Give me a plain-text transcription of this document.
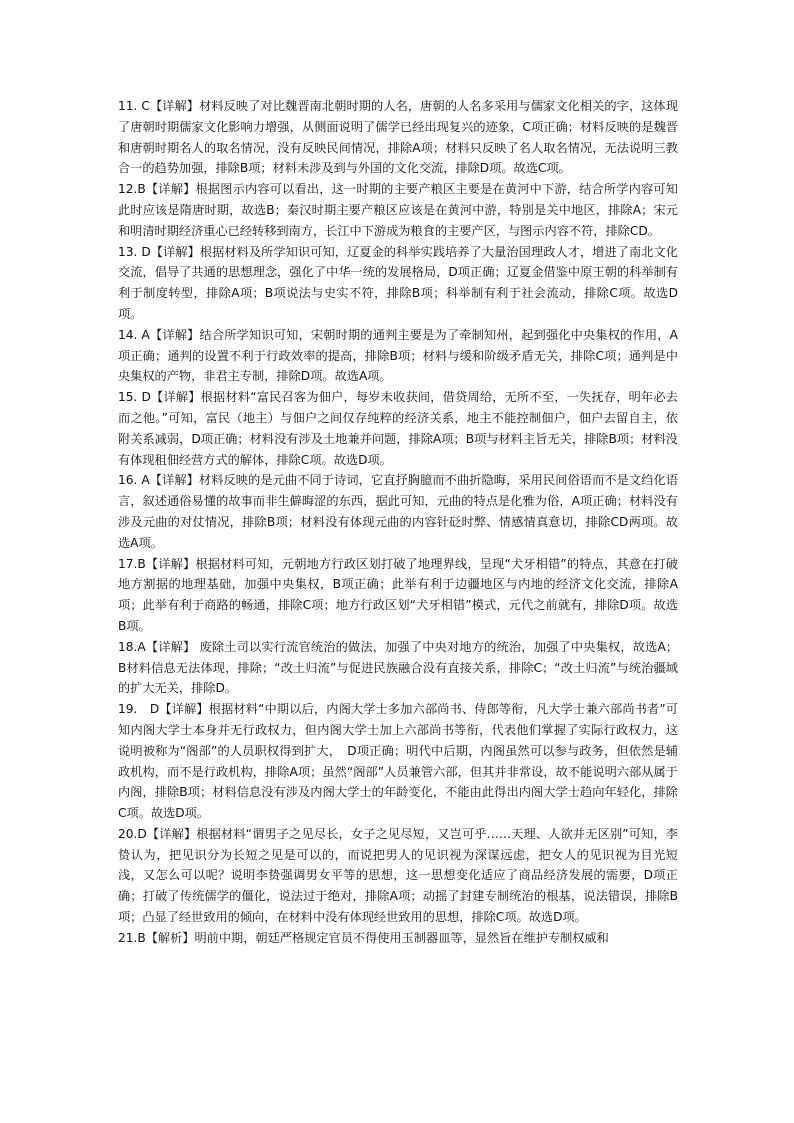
11. C【详解】材料反映了对比魏晋南北朝时期的人名，唐朝的人名多采用与儒家文化相关的字，这体现了唐朝时期儒家文化影响力增强，从侧面说明了儒学已经出现复兴的迹象，C项正确；材料反映的是魏晋和唐朝时期名人的取名情况，没有反映民间情况，排除A项；材料只反映了名人取名情况，无法说明三教合一的趋势加强，排除B项；材料未涉及到与外国的文化交流，排除D项。故选C项。

12.B【详解】根据图示内容可以看出，这一时期的主要产粮区主要是在黄河中下游，结合所学内容可知此时应该是隋唐时期，故选B；秦汉时期主要产粮区应该是在黄河中游，特别是关中地区，排除A；宋元和明清时期经济重心已经转移到南方，长江中下游成为粮食的主要产区，与图示内容不符，排除CD。

13. D【详解】根据材料及所学知识可知，辽夏金的科举实践培养了大量治国理政人才，增进了南北文化交流，倡导了共通的思想理念，强化了中华一统的发展格局，D项正确；辽夏金借鉴中原王朝的科举制有利于制度转型，排除A项；B项说法与史实不符，排除B项；科举制有利于社会流动，排除C项。故选D项。

14. A【详解】结合所学知识可知，宋朝时期的通判主要是为了牵制知州，起到强化中央集权的作用，A项正确；通判的设置不利于行政效率的提高，排除B项；材料与缓和阶级矛盾无关，排除C项；通判是中央集权的产物，非君主专制，排除D项。故选A项。

15. D【详解】根据材料“富民召客为佃户，每岁未收获间，借贷周给，无所不至，一失抚存，明年必去而之他。”可知，富民（地主）与佃户之间仅存纯粹的经济关系，地主不能控制佃户，佃户去留自主，依附关系减弱，D项正确；材料没有涉及土地兼并问题，排除A项；B项与材料主旨无关，排除B项；材料没有体现租佃经营方式的解体，排除C项。故选D项。

16. A【详解】材料反映的是元曲不同于诗词，它直抒胸臆而不曲折隐晦，采用民间俗语而不是文绉化语言，叙述通俗易懂的故事而非生僻晦涩的东西，据此可知，元曲的特点是化雅为俗，A项正确；材料没有涉及元曲的对仗情况，排除B项；材料没有体现元曲的内容针砭时弊、情感情真意切，排除CD两项。故选A项。

17.B【详解】根据材料可知，元朝地方行政区划打破了地理界线，呈现“犬牙相错”的特点，其意在打破地方割据的地理基础，加强中央集权，B项正确；此举有利于边疆地区与内地的经济文化交流，排除A项；此举有利于商路的畅通，排除C项；地方行政区划“犬牙相错”模式，元代之前就有，排除D项。故选B项。

18.A【详解】 废除土司以实行流官统治的做法，加强了中央对地方的统治，加强了中央集权，故选A；B材料信息无法体现，排除；“改土归流”与促进民族融合没有直接关系，排除C；“改土归流”与统治疆域的扩大无关，排除D。

19.　D【详解】根据材料“中期以后，内阁大学士多加六部尚书、侍郎等衔，凡大学士兼六部尚书者”可知内阁大学士本身并无行政权力，但内阁大学士加上六部尚书等衔，代表他们掌握了实际行政权力，这说明被称为“阁部”的人员职权得到扩大，　D项正确；明代中后期，内阁虽然可以参与政务，但依然是辅政机构，而不是行政机构，排除A项；虽然“阁部”人员兼管六部，但其并非常设，故不能说明六部从属于内阁，排除B项；材料信息没有涉及内阁大学士的年龄变化，不能由此得出内阁大学士趋向年轻化，排除　C项。故选D项。

20.D【详解】根据材料“谓男子之见尽长，女子之见尽短，又岂可乎……天理、人欲并无区别”可知，李贽认为，把见识分为长短之见是可以的，而说把男人的见识视为深谋远虑，把女人的见识视为目光短浅，又怎么可以呢？说明李贽强调男女平等的思想，这一思想变化适应了商品经济发展的需要，D项正确；打破了传统儒学的僵化，说法过于绝对，排除A项；动摇了封建专制统治的根基，说法错误，排除B项；凸显了经世致用的倾向，在材料中没有体现经世致用的思想，排除C项。故选D项。

21.B【解析】明前中期，朝廷严格规定官员不得使用玉制器皿等，显然旨在维护专制权威和
